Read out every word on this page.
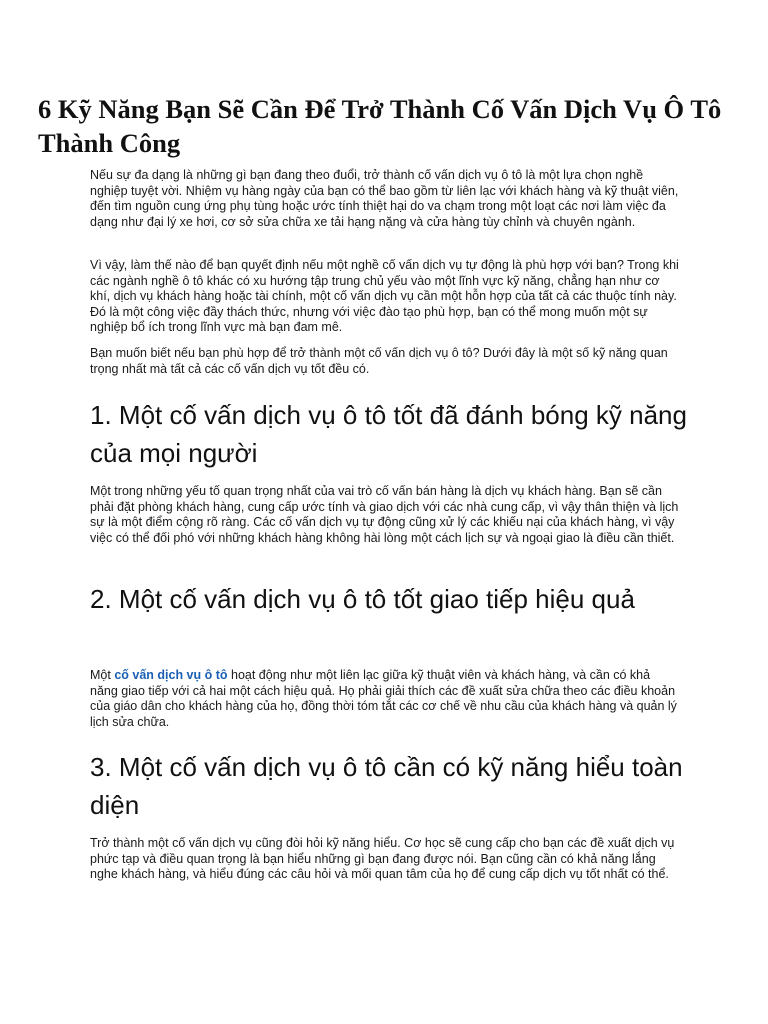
6 Kỹ Năng Bạn Sẽ Cần Để Trở Thành Cố Vấn Dịch Vụ Ô Tô Thành Công

Nếu sự đa dạng là những gì bạn đang theo đuổi, trở thành cố vấn dịch vụ ô tô là một lựa chọn nghề nghiệp tuyệt vời. Nhiệm vụ hàng ngày của bạn có thể bao gồm từ liên lạc với khách hàng và kỹ thuật viên, đến tìm nguồn cung ứng phụ tùng hoặc ước tính thiệt hại do va chạm trong một loạt các nơi làm việc đa dạng như đại lý xe hơi, cơ sở sửa chữa xe tải hạng nặng và cửa hàng tùy chỉnh và chuyên ngành.

Vì vậy, làm thế nào để bạn quyết định nếu một nghề cố vấn dịch vụ tự động là phù hợp với bạn? Trong khi các ngành nghề ô tô khác có xu hướng tập trung chủ yếu vào một lĩnh vực kỹ năng, chẳng hạn như cơ khí, dịch vụ khách hàng hoặc tài chính, một cố vấn dịch vụ cần một hỗn hợp của tất cả các thuộc tính này. Đó là một công việc đầy thách thức, nhưng với việc đào tạo phù hợp, bạn có thể mong muốn một sự nghiệp bổ ích trong lĩnh vực mà bạn đam mê.

Bạn muốn biết nếu bạn phù hợp để trở thành một cố vấn dịch vụ ô tô? Dưới đây là một số kỹ năng quan trọng nhất mà tất cả các cố vấn dịch vụ tốt đều có.

1. Một cố vấn dịch vụ ô tô tốt đã đánh bóng kỹ năng của mọi người

Một trong những yếu tố quan trọng nhất của vai trò cố vấn bán hàng là dịch vụ khách hàng. Bạn sẽ cần phải đặt phòng khách hàng, cung cấp ước tính và giao dịch với các nhà cung cấp, vì vậy thân thiện và lịch sự là một điểm cộng rõ ràng. Các cố vấn dịch vụ tự động cũng xử lý các khiếu nại của khách hàng, vì vậy việc có thể đối phó với những khách hàng không hài lòng một cách lịch sự và ngoại giao là điều cần thiết.

2. Một cố vấn dịch vụ ô tô tốt giao tiếp hiệu quả

Một cố vấn dịch vụ ô tô hoạt động như một liên lạc giữa kỹ thuật viên và khách hàng, và cần có khả năng giao tiếp với cả hai một cách hiệu quả. Họ phải giải thích các đề xuất sửa chữa theo các điều khoản của giáo dân cho khách hàng của họ, đồng thời tóm tắt các cơ chế về nhu cầu của khách hàng và quản lý lịch sửa chữa.

3. Một cố vấn dịch vụ ô tô cần có kỹ năng hiểu toàn diện

Trở thành một cố vấn dịch vụ cũng đòi hỏi kỹ năng hiểu. Cơ học sẽ cung cấp cho bạn các đề xuất dịch vụ phức tạp và điều quan trọng là bạn hiểu những gì bạn đang được nói. Bạn cũng cần có khả năng lắng nghe khách hàng, và hiểu đúng các câu hỏi và mối quan tâm của họ để cung cấp dịch vụ tốt nhất có thể.
